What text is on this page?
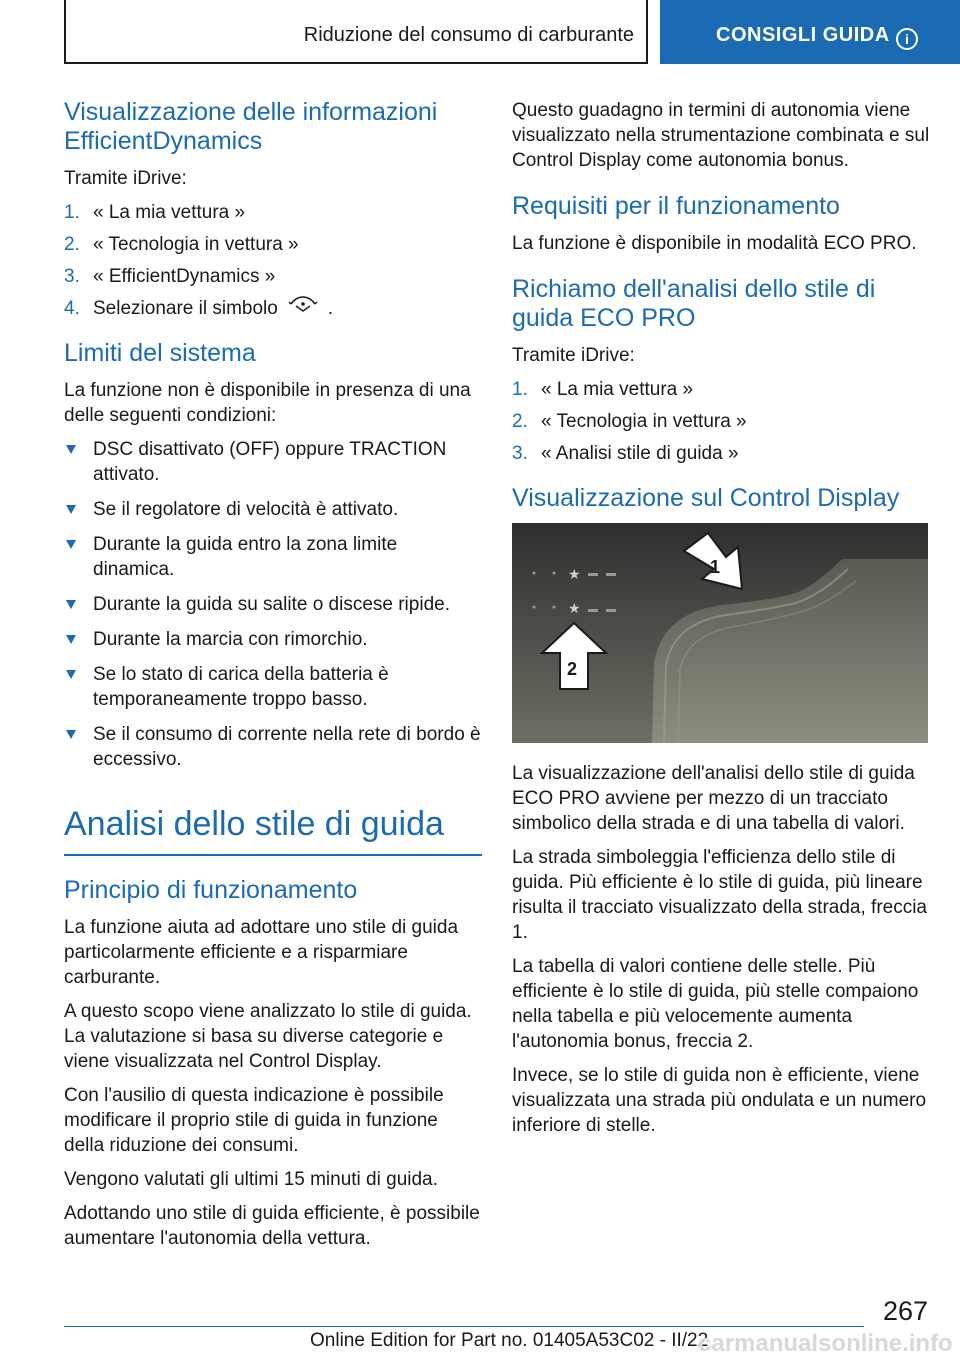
Riduzione del consumo di carburante	CONSIGLI GUIDA	i
Visualizzazione delle informazioni EfficientDynamics

Tramite iDrive:

1. « La mia vettura »
2. « Tecnologia in vettura »
3. « EfficientDynamics »
4. Selezionare il simbolo	.
Limiti del sistema

La funzione non è disponibile in presenza di una delle seguenti condizioni:

DSC disattivato (OFF) oppure TRACTION attivato.
Se il regolatore di velocità è attivato.
Durante la guida entro la zona limite dinamica.
Durante la guida su salite o discese ripide.
Durante la marcia con rimorchio.
Se lo stato di carica della batteria è temporaneamente troppo basso.
Se il consumo di corrente nella rete di bordo è eccessivo.
Analisi dello stile di guida
Principio di funzionamento

La funzione aiuta ad adottare uno stile di guida particolarmente efficiente e a risparmiare carburante.

A questo scopo viene analizzato lo stile di guida. La valutazione si basa su diverse categorie e viene visualizzata nel Control Display.

Con l'ausilio di questa indicazione è possibile modificare il proprio stile di guida in funzione della riduzione dei consumi.

Vengono valutati gli ultimi 15 minuti di guida.

Adottando uno stile di guida efficiente, è possibile aumentare l'autonomia della vettura.

Questo guadagno in termini di autonomia viene visualizzato nella strumentazione combinata e sul Control Display come autonomia bonus.

Requisiti per il funzionamento

La funzione è disponibile in modalità ECO PRO.

Richiamo dell'analisi dello stile di guida ECO PRO

Tramite iDrive:

1. « La mia vettura »
2. « Tecnologia in vettura »
3. « Analisi stile di guida »
Visualizzazione sul Control Display
★
★
1
2

La visualizzazione dell'analisi dello stile di guida ECO PRO avviene per mezzo di un tracciato simbolico della strada e di una tabella di valori.

La strada simboleggia l'efficienza dello stile di guida. Più efficiente è lo stile di guida, più lineare risulta il tracciato visualizzato della strada, freccia 1.

La tabella di valori contiene delle stelle. Più efficiente è lo stile di guida, più stelle compaiono nella tabella e più velocemente aumenta l'autonomia bonus, freccia 2.

Invece, se lo stile di guida non è efficiente, viene visualizzata una strada più ondulata e un numero inferiore di stelle.

267
Online Edition for Part no. 01405A53C02 - II/22
carmanualsonline.info
